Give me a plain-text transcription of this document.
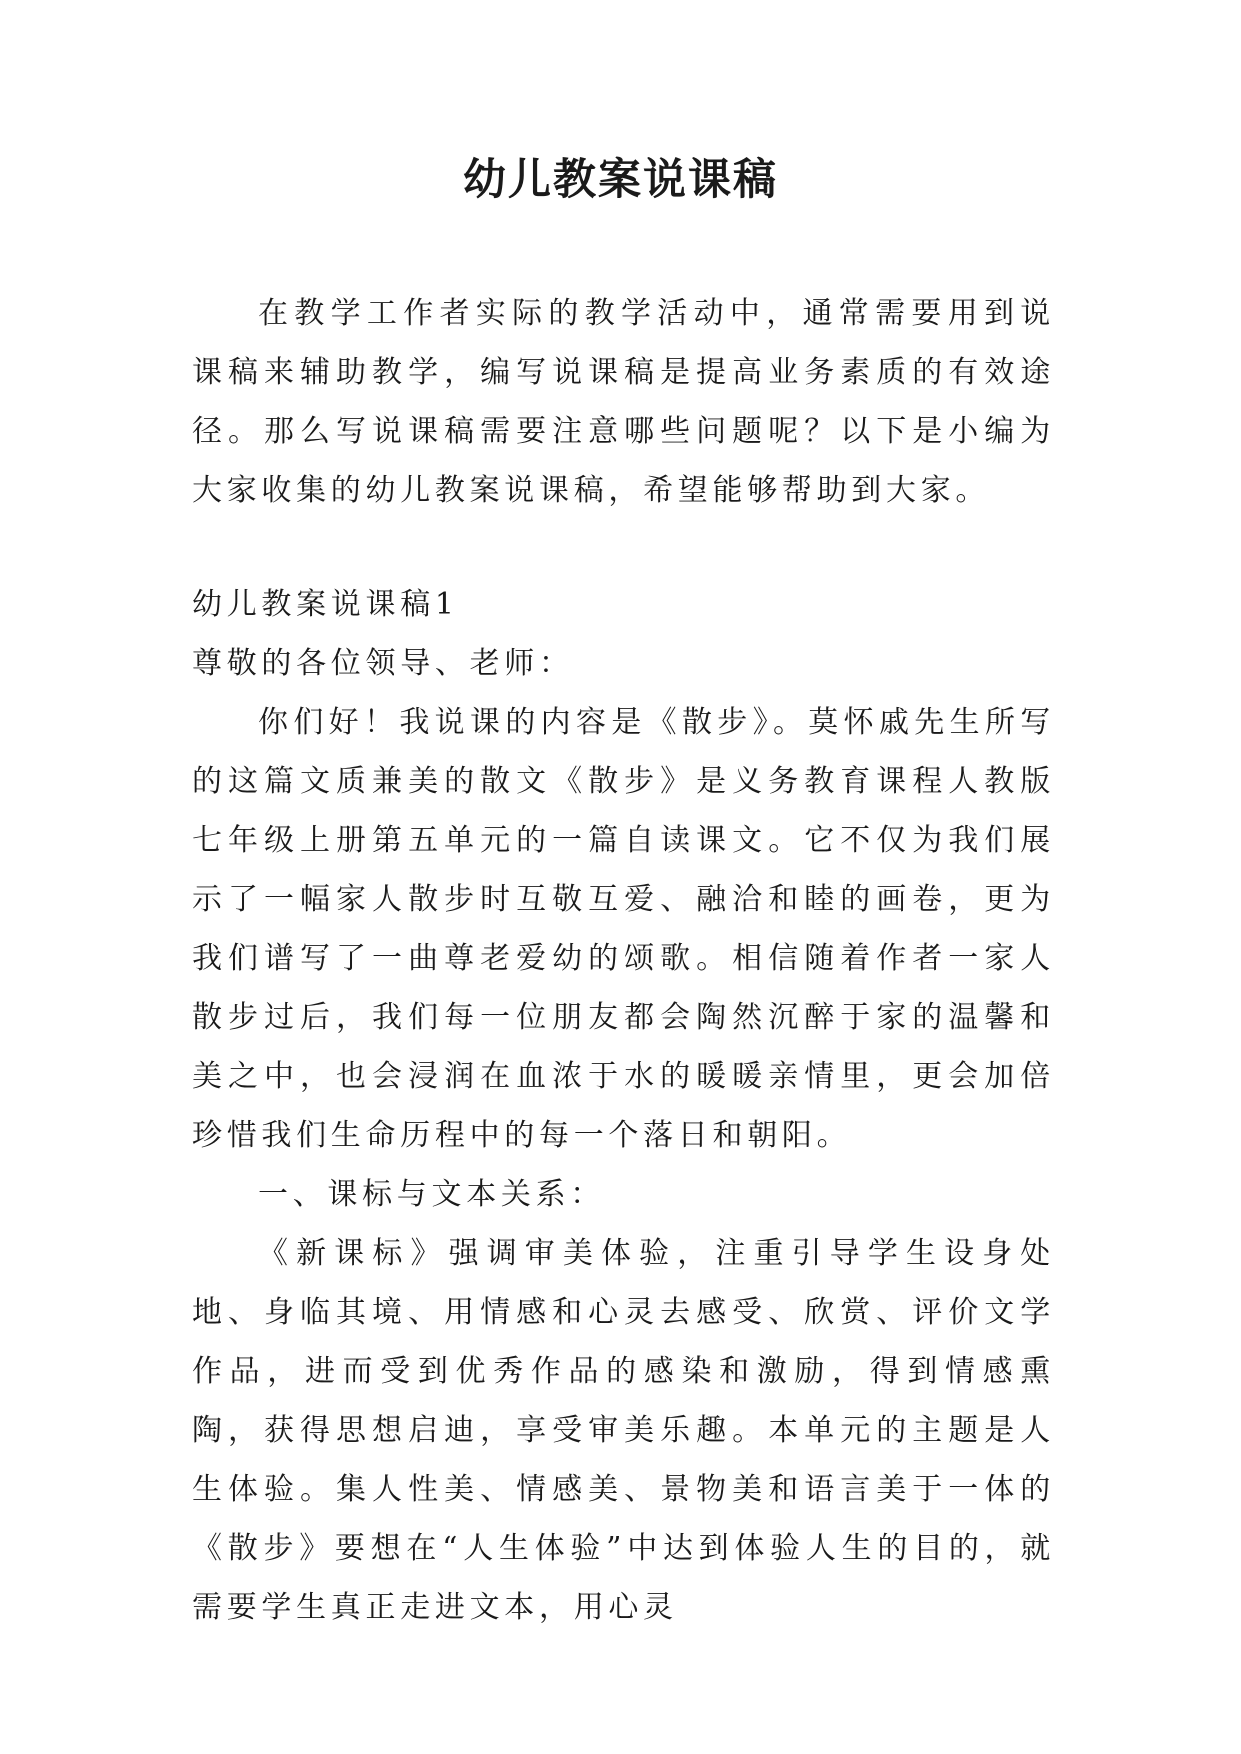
幼儿教案说课稿

在教学工作者实际的教学活动中，通常需要用到说课稿来辅助教学，编写说课稿是提高业务素质的有效途径。那么写说课稿需要注意哪些问题呢？以下是小编为大家收集的幼儿教案说课稿，希望能够帮助到大家。

幼儿教案说课稿1

尊敬的各位领导、老师：

你们好！我说课的内容是《散步》。莫怀戚先生所写的这篇文质兼美的散文《散步》是义务教育课程人教版七年级上册第五单元的一篇自读课文。它不仅为我们展示了一幅家人散步时互敬互爱、融洽和睦的画卷，更为我们谱写了一曲尊老爱幼的颂歌。相信随着作者一家人散步过后，我们每一位朋友都会陶然沉醉于家的温馨和美之中，也会浸润在血浓于水的暖暖亲情里，更会加倍珍惜我们生命历程中的每一个落日和朝阳。

一、课标与文本关系：

《新课标》强调审美体验，注重引导学生设身处地、身临其境、用情感和心灵去感受、欣赏、评价文学作品，进而受到优秀作品的感染和激励，得到情感熏陶，获得思想启迪，享受审美乐趣。本单元的主题是人生体验。集人性美、情感美、景物美和语言美于一体的《散步》要想在“人生体验”中达到体验人生的目的，就需要学生真正走进文本，用心灵
